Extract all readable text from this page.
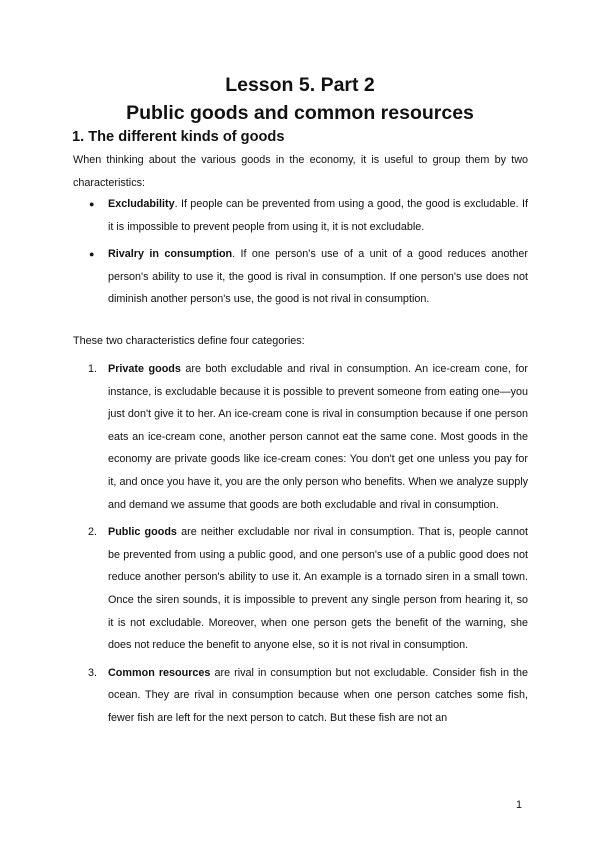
Lesson 5. Part 2
Public goods and common resources
1. The different kinds of goods

When thinking about the various goods in the economy, it is useful to group them by two characteristics:

● Excludability. If people can be prevented from using a good, the good is excludable. If it is impossible to prevent people from using it, it is not excludable.
● Rivalry in consumption. If one person's use of a unit of a good reduces another person's ability to use it, the good is rival in consumption. If one person's use does not diminish another person's use, the good is not rival in consumption.

These two characteristics define four categories:

1. Private goods are both excludable and rival in consumption. An ice-cream cone, for instance, is excludable because it is possible to prevent someone from eating one—you just don't give it to her. An ice-cream cone is rival in consumption because if one person eats an ice-cream cone, another person cannot eat the same cone. Most goods in the economy are private goods like ice-cream cones: You don't get one unless you pay for it, and once you have it, you are the only person who benefits. When we analyze supply and demand we assume that goods are both excludable and rival in consumption.
2. Public goods are neither excludable nor rival in consumption. That is, people cannot be prevented from using a public good, and one person's use of a public good does not reduce another person's ability to use it. An example is a tornado siren in a small town. Once the siren sounds, it is impossible to prevent any single person from hearing it, so it is not excludable. Moreover, when one person gets the benefit of the warning, she does not reduce the benefit to anyone else, so it is not rival in consumption.
3. Common resources are rival in consumption but not excludable. Consider fish in the ocean. They are rival in consumption because when one person catches some fish, fewer fish are left for the next person to catch. But these fish are not an
1
